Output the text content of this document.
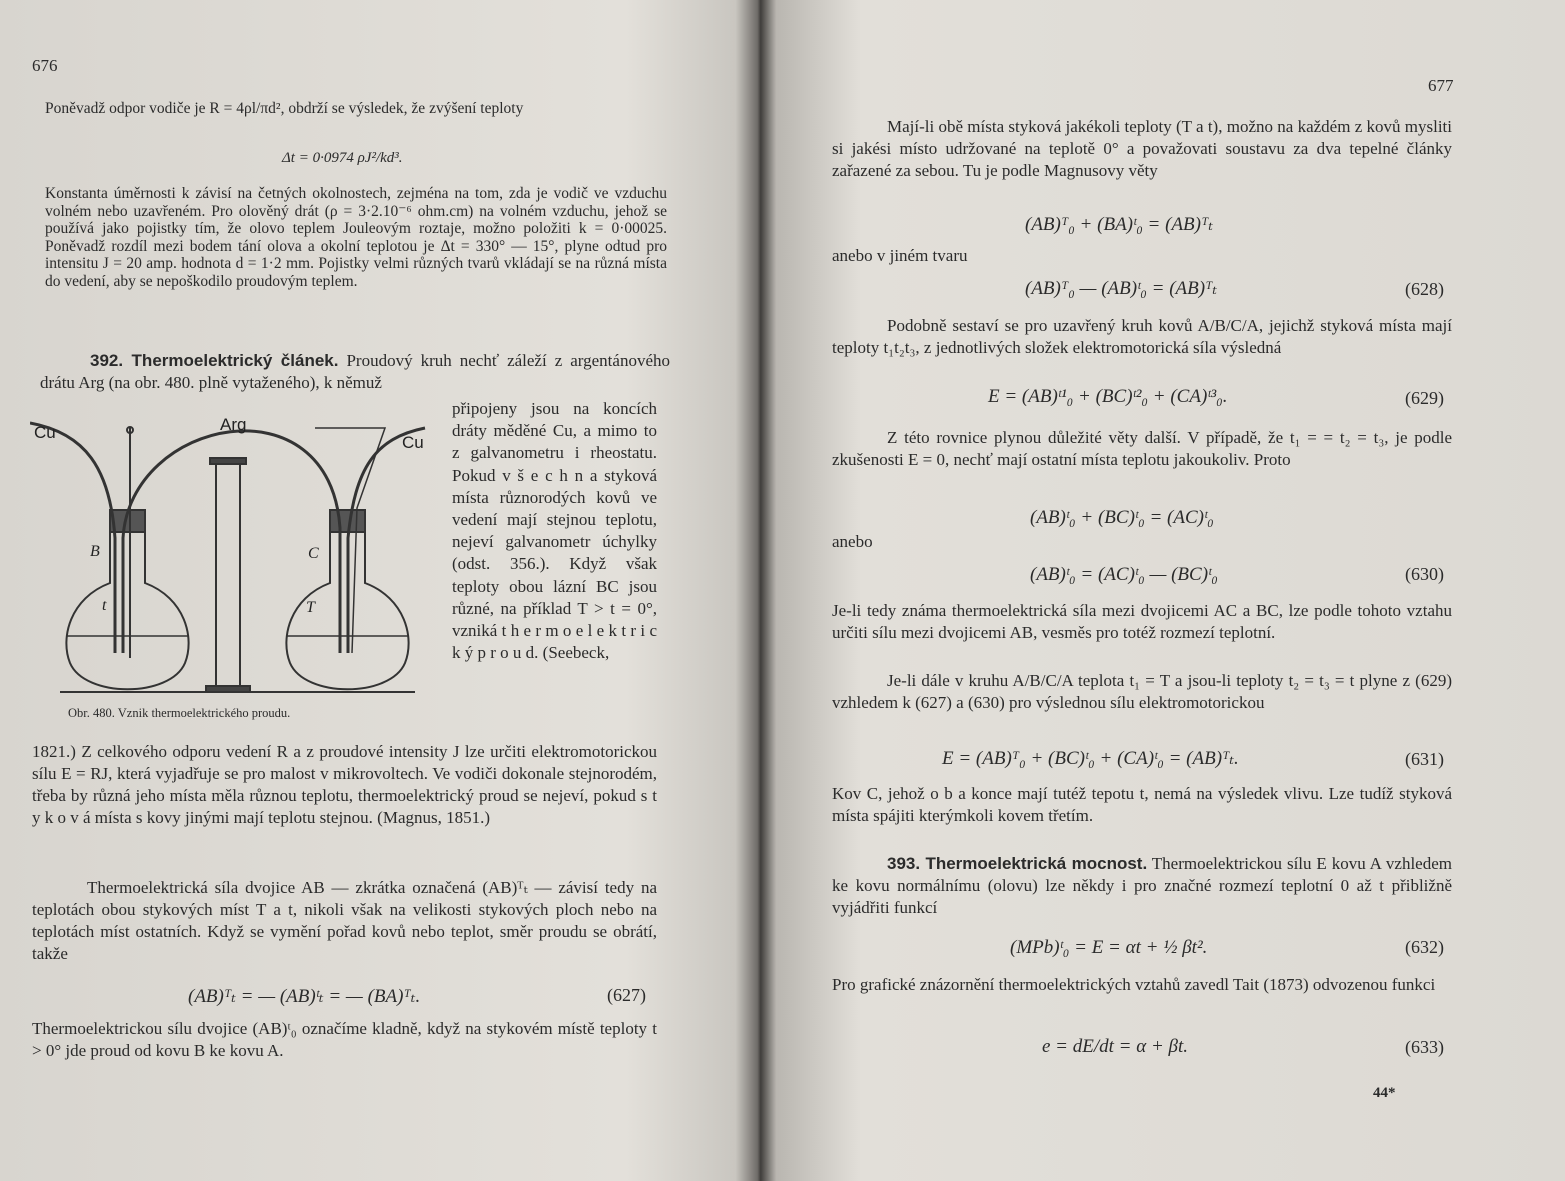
676
Poněvadž odpor vodiče je R = 4ρl/πd², obdrží se výsledek, že zvýšení teploty
Δt = 0·0974 ρJ²/kd³.
Konstanta úměrnosti k závisí na četných okolnostech, zejména na tom, zda je vodič ve vzduchu volném nebo uzavřeném. Pro olověný drát (ρ = 3·2.10⁻⁶ ohm.cm) na volném vzduchu, jehož se používá jako pojistky tím, že olovo teplem Jouleovým roztaje, možno položiti k = 0·00025. Poněvadž rozdíl mezi bodem tání olova a okolní teplotou je Δt = 330° — 15°, plyne odtud pro intensitu J = 20 amp. hodnota d = 1·2 mm. Pojistky velmi různých tvarů vkládají se na různá místa do vedení, aby se nepoškodilo proudovým teplem.
392. Thermoelektrický článek. Proudový kruh nechť záleží z argentánového drátu Arg (na obr. 480. plně vytaženého), k němuž
Cu	Arg
Cu
B	C
t	T
Obr. 480. Vznik thermoelektrického proudu.
připojeny jsou na koncích dráty měděné Cu, a mimo to z galvanometru i rheostatu. Pokud v š e c h n a styková místa různorodých kovů ve vedení mají stejnou teplotu, nejeví galvanometr úchylky (odst. 356.). Když však teploty obou lázní BC jsou různé, na příklad T > t = 0°, vzniká t h e r m o e l e k t r i c k ý p r o u d. (Seebeck,
1821.) Z celkového odporu vedení R a z proudové intensity J lze určiti elektromotorickou sílu E = RJ, která vyjadřuje se pro malost v mikrovoltech. Ve vodiči dokonale stejnorodém, třeba by různá jeho místa měla různou teplotu, thermoelektrický proud se nejeví, pokud s t y k o v á místa s kovy jinými mají teplotu stejnou. (Magnus, 1851.)
Thermoelektrická síla dvojice AB — zkrátka označená (AB)ᵀₜ — závisí tedy na teplotách obou stykových míst T a t, nikoli však na velikosti stykových ploch nebo na teplotách míst ostatních. Když se vymění pořad kovů nebo teplot, směr proudu se obrátí, takže
(AB)ᵀₜ = — (AB)ᵗₜ = — (BA)ᵀₜ.	(627)
Thermoelektrickou sílu dvojice (AB)ᵗ₀ označíme kladně, když na stykovém místě teploty t > 0° jde proud od kovu B ke kovu A.
677
Mají-li obě místa styková jakékoli teploty (T a t), možno na každém z kovů mysliti si jakési místo udržované na teplotě 0° a považovati soustavu za dva tepelné články zařazené za sebou. Tu je podle Magnusovy věty
(AB)ᵀ₀ + (BA)ᵗ₀ = (AB)ᵀₜ
anebo v jiném tvaru
(AB)ᵀ₀ — (AB)ᵗ₀ = (AB)ᵀₜ	(628)
Podobně sestaví se pro uzavřený kruh kovů A/B/C/A, jejichž styková místa mají teploty t₁t₂t₃, z jednotlivých složek elektromotorická síla výsledná
E = (AB)ᵗ¹₀ + (BC)ᵗ²₀ + (CA)ᵗ³₀.	(629)
Z této rovnice plynou důležité věty další. V případě, že t₁ = = t₂ = t₃, je podle zkušenosti E = 0, nechť mají ostatní místa teplotu jakoukoliv. Proto
(AB)ᵗ₀ + (BC)ᵗ₀ = (AC)ᵗ₀
anebo
(AB)ᵗ₀ = (AC)ᵗ₀ — (BC)ᵗ₀	(630)
Je-li tedy známa thermoelektrická síla mezi dvojicemi AC a BC, lze podle tohoto vztahu určiti sílu mezi dvojicemi AB, vesměs pro totéž rozmezí teplotní.
Je-li dále v kruhu A/B/C/A teplota t₁ = T a jsou-li teploty t₂ = t₃ = t plyne z (629) vzhledem k (627) a (630) pro výslednou sílu elektromotorickou
E = (AB)ᵀ₀ + (BC)ᵗ₀ + (CA)ᵗ₀ = (AB)ᵀₜ.	(631)
Kov C, jehož o b a konce mají tutéž tepotu t, nemá na výsledek vlivu. Lze tudíž styková místa spájiti kterýmkoli kovem třetím.
393. Thermoelektrická mocnost. Thermoelektrickou sílu E kovu A vzhledem ke kovu normálnímu (olovu) lze někdy i pro značné rozmezí teplotní 0 až t přibližně vyjádřiti funkcí
(MPb)ᵗ₀ = E = αt + ½ βt².	(632)
Pro grafické znázornění thermoelektrických vztahů zavedl Tait (1873) odvozenou funkci
e = dE/dt = α + βt.	(633)
44*
